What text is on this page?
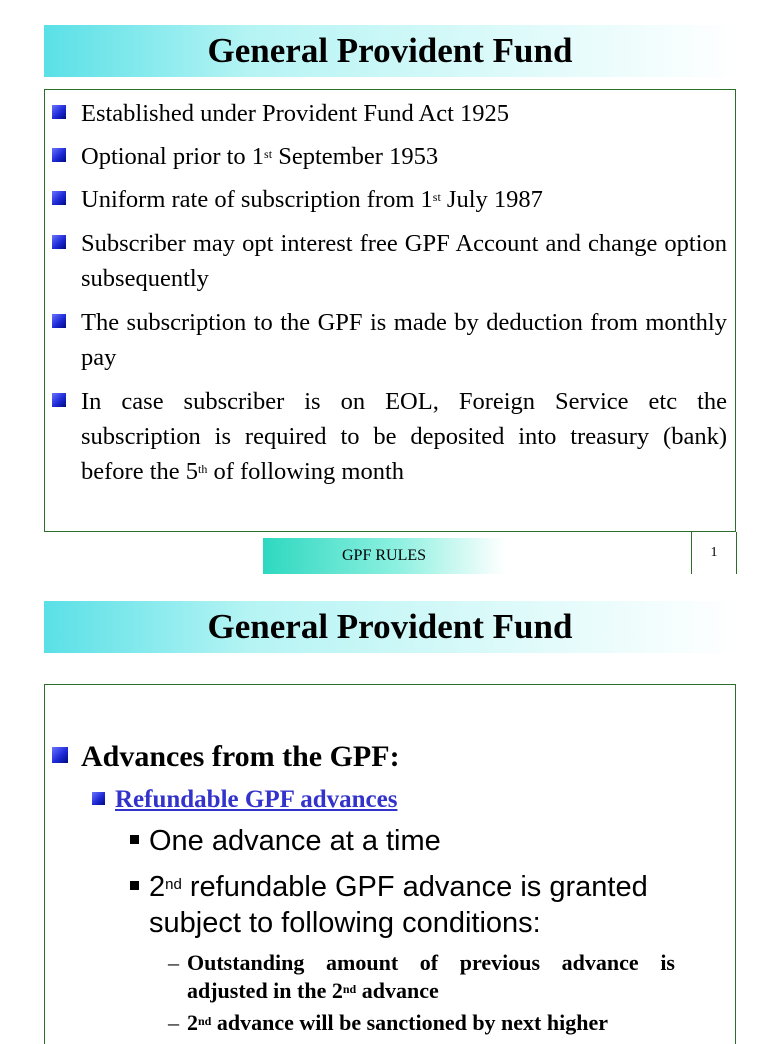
General Provident Fund
Established under Provident Fund Act 1925
Optional prior to 1st September 1953
Uniform rate of subscription from 1st July 1987
Subscriber may opt interest free GPF Account and change option subsequently
The subscription to the GPF is made by deduction from monthly pay
In case subscriber is on EOL, Foreign Service etc the subscription is required to be deposited into treasury (bank) before the 5th of following month
GPF RULES	1
General Provident Fund
Advances from the GPF:
Refundable GPF advances
One advance at a time
2nd refundable GPF advance is granted subject to following conditions:
– Outstanding amount of previous advance is adjusted in the 2nd advance
– 2nd advance will be sanctioned by next higher
